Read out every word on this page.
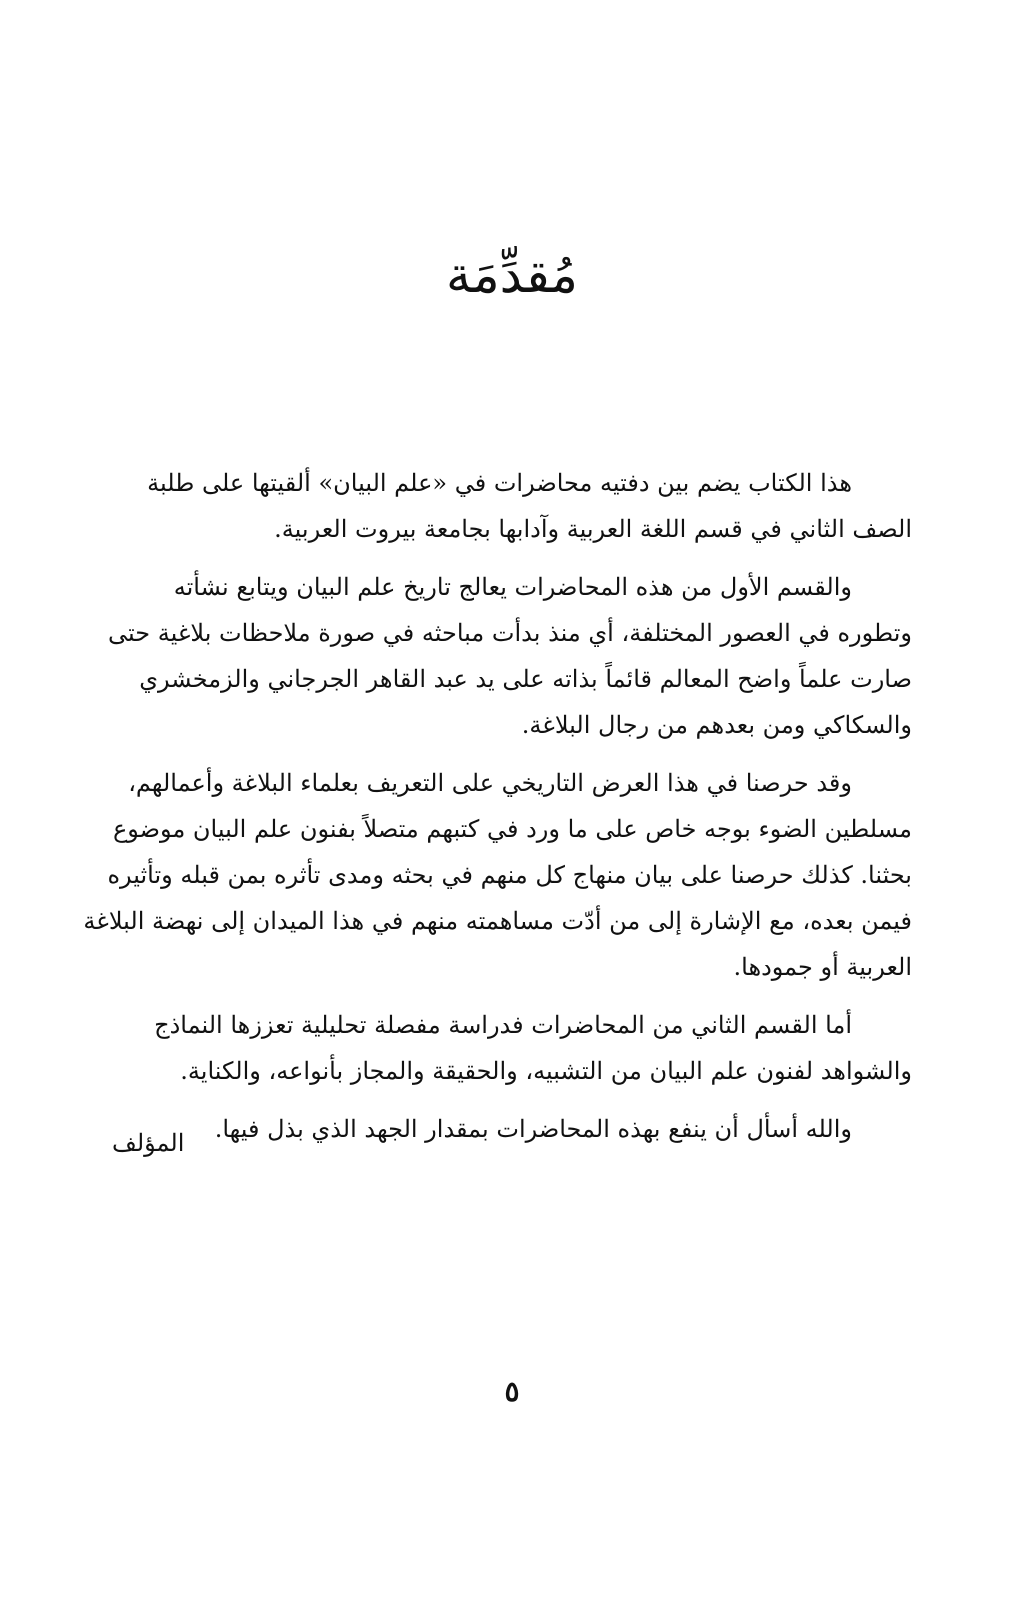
مُقدِّمَة

هذا الكتاب يضم بين دفتيه محاضرات في «علم البيان» ألقيتها على طلبة
الصف الثاني في قسم اللغة العربية وآدابها بجامعة بيروت العربية.

والقسم الأول من هذه المحاضرات يعالج تاريخ علم البيان ويتابع نشأته
وتطوره في العصور المختلفة، أي منذ بدأت مباحثه في صورة ملاحظات بلاغية حتى
صارت علماً واضح المعالم قائماً بذاته على يد عبد القاهر الجرجاني والزمخشري
والسكاكي ومن بعدهم من رجال البلاغة.

وقد حرصنا في هذا العرض التاريخي على التعريف بعلماء البلاغة وأعمالهم،
مسلطين الضوء بوجه خاص على ما ورد في كتبهم متصلاً بفنون علم البيان موضوع
بحثنا. كذلك حرصنا على بيان منهاج كل منهم في بحثه ومدى تأثره بمن قبله وتأثيره
فيمن بعده، مع الإشارة إلى من أدّت مساهمته منهم في هذا الميدان إلى نهضة البلاغة
العربية أو جمودها.

أما القسم الثاني من المحاضرات فدراسة مفصلة تحليلية تعززها النماذج
والشواهد لفنون علم البيان من التشبيه، والحقيقة والمجاز بأنواعه، والكناية.

والله أسأل أن ينفع بهذه المحاضرات بمقدار الجهد الذي بذل فيها.

المؤلف
٥
